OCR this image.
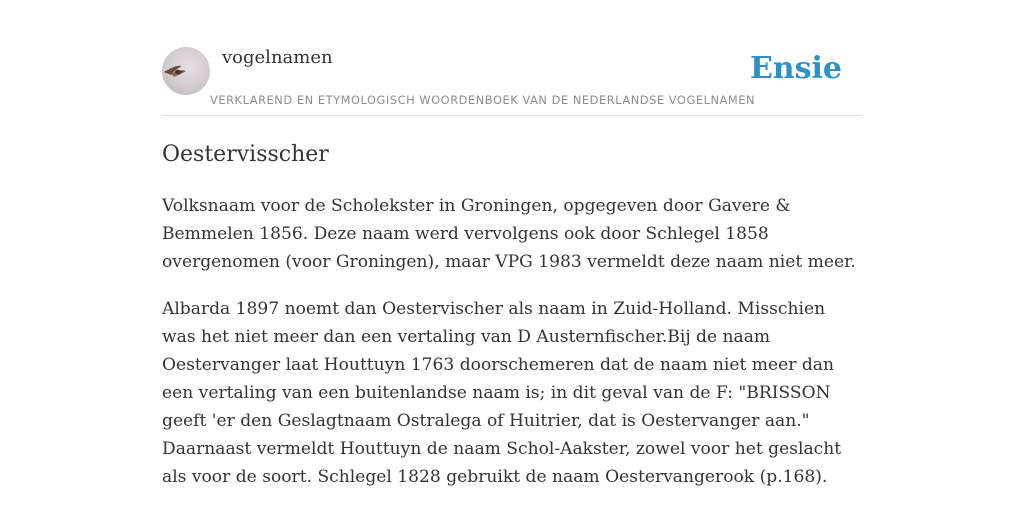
vogelnamen	Ensie
VERKLAREND EN ETYMOLOGISCH WOORDENBOEK VAN DE NEDERLANDSE VOGELNAMEN
Oestervisscher

Volksnaam voor de Scholekster in Groningen, opgegeven door Gavere & Bemmelen 1856. Deze naam werd vervolgens ook door Schlegel 1858 overgenomen (voor Groningen), maar VPG 1983 vermeldt deze naam niet meer.

Albarda 1897 noemt dan Oestervischer als naam in Zuid-Holland. Misschien was het niet meer dan een vertaling van D Austernfischer.Bij de naam Oestervanger laat Houttuyn 1763 doorschemeren dat de naam niet meer dan een vertaling van een buitenlandse naam is; in dit geval van de F: "BRISSON geeft 'er den Geslagtnaam Ostralega of Huitrier, dat is Oestervanger aan." Daarnaast vermeldt Houttuyn de naam Schol-Aakster, zowel voor het geslacht als voor de soort. Schlegel 1828 gebruikt de naam Oestervangerook (p.168).
